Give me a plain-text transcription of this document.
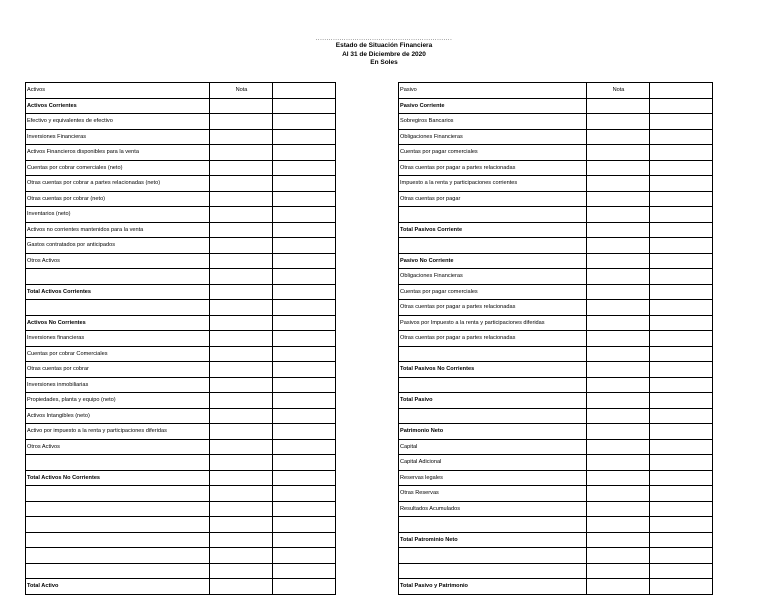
...............................................................
Estado de Situación Financiera
Al 31 de Diciembre de 2020
En Soles
Activos	Nota	
Activos Corrientes		
Efectivo y equivalentes de efectivo		
Inversiones Financieras		
Activos Financieros disponibles para la venta		
Cuentas por cobrar comerciales (neto)		
Otras cuentas por cobrar a partes relacionadas (neto)		
Otras cuentas por cobrar (neto)		
Inventarios (neto)		
Activos no corrientes mantenidos para la venta		
Gastos contratados por anticipados		
Otros Activos		

Total Activos Corrientes		

Activos No Corrientes		
Inversiones financieras		
Cuentas por cobrar Comerciales		
Otras cuentas por cobrar		
Inversiones inmobiliarias		
Propiedades, planta y equipo (neto)		
Activos Intangibles (neto)		
Activo por impuesto a la renta y participaciones diferidas		
Otros Activos		

Total Activos No Corrientes		

Total Activo		
Pasivo	Nota	
Pasivo Corriente		
Sobregiros Bancarios		
Obligaciones Financieras		
Cuentas por pagar comerciales		
Otras cuentas por pagar a partes relacionadas		
Impuesto a la renta y participaciones corrientes		
Otras cuentas por pagar		

Total Pasivos Corriente		

Pasivo No Corriente		
Obligaciones Financieras		
Cuentas por pagar comerciales		
Otras cuentas por pagar a partes relacionadas		
Pasivos por Impuesto a la renta y participaciones diferidas		
Otras cuentas por pagar a partes relacionadas		

Total Pasivos No Corrientes		

Total Pasivo		

Patrimonio Neto		
Capital		
Capital Adicional		
Reservas legales		
Otras Reservas		
Resultados Acumulados		

Total Patrominio Neto		

Total Pasivo y Patrimonio		
